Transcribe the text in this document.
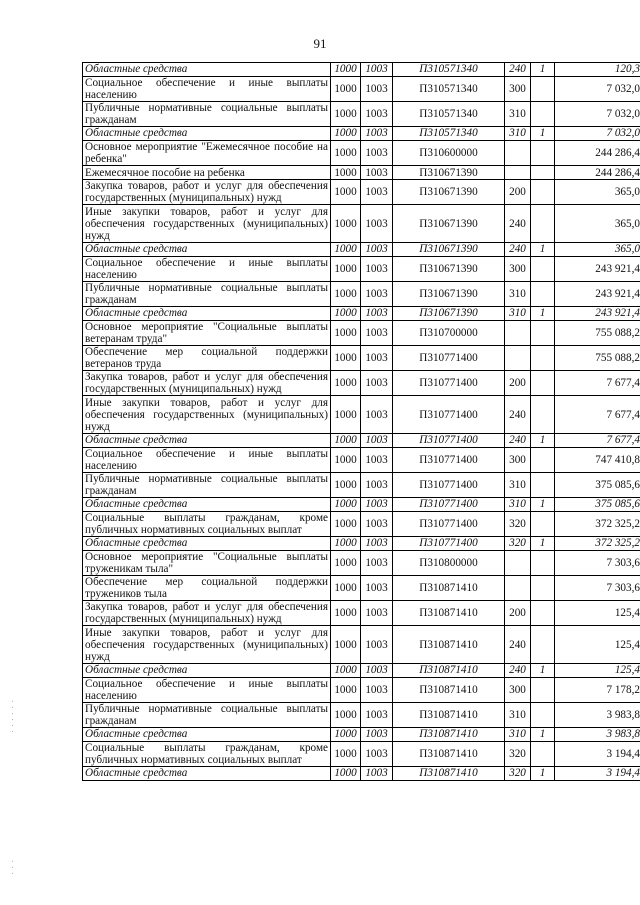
91
· · · · · ·
· · ·
Областные средства	1000	1003	П310571340	240	1	120,3
Социальное обеспечение и иные выплаты населению	1000	1003	П310571340	300		7 032,0
Публичные нормативные социальные выплаты гражданам	1000	1003	П310571340	310		7 032,0
Областные средства	1000	1003	П310571340	310	1	7 032,0
Основное мероприятие "Ежемесячное пособие на ребенка"	1000	1003	П310600000			244 286,4
Ежемесячное пособие на ребенка	1000	1003	П310671390			244 286,4
Закупка товаров, работ и услуг для обеспечения государственных (муниципальных) нужд	1000	1003	П310671390	200		365,0
Иные закупки товаров, работ и услуг для обеспечения государственных (муниципальных) нужд	1000	1003	П310671390	240		365,0
Областные средства	1000	1003	П310671390	240	1	365,0
Социальное обеспечение и иные выплаты населению	1000	1003	П310671390	300		243 921,4
Публичные нормативные социальные выплаты гражданам	1000	1003	П310671390	310		243 921,4
Областные средства	1000	1003	П310671390	310	1	243 921,4
Основное мероприятие "Социальные выплаты ветеранам труда"	1000	1003	П310700000			755 088,2
Обеспечение мер социальной поддержки ветеранов труда	1000	1003	П310771400			755 088,2
Закупка товаров, работ и услуг для обеспечения государственных (муниципальных) нужд	1000	1003	П310771400	200		7 677,4
Иные закупки товаров, работ и услуг для обеспечения государственных (муниципальных) нужд	1000	1003	П310771400	240		7 677,4
Областные средства	1000	1003	П310771400	240	1	7 677,4
Социальное обеспечение и иные выплаты населению	1000	1003	П310771400	300		747 410,8
Публичные нормативные социальные выплаты гражданам	1000	1003	П310771400	310		375 085,6
Областные средства	1000	1003	П310771400	310	1	375 085,6
Социальные выплаты гражданам, кроме публичных нормативных социальных выплат	1000	1003	П310771400	320		372 325,2
Областные средства	1000	1003	П310771400	320	1	372 325,2
Основное мероприятие "Социальные выплаты труженикам тыла"	1000	1003	П310800000			7 303,6
Обеспечение мер социальной поддержки тружеников тыла	1000	1003	П310871410			7 303,6
Закупка товаров, работ и услуг для обеспечения государственных (муниципальных) нужд	1000	1003	П310871410	200		125,4
Иные закупки товаров, работ и услуг для обеспечения государственных (муниципальных) нужд	1000	1003	П310871410	240		125,4
Областные средства	1000	1003	П310871410	240	1	125,4
Социальное обеспечение и иные выплаты населению	1000	1003	П310871410	300		7 178,2
Публичные нормативные социальные выплаты гражданам	1000	1003	П310871410	310		3 983,8
Областные средства	1000	1003	П310871410	310	1	3 983,8
Социальные выплаты гражданам, кроме публичных нормативных социальных выплат	1000	1003	П310871410	320		3 194,4
Областные средства	1000	1003	П310871410	320	1	3 194,4
